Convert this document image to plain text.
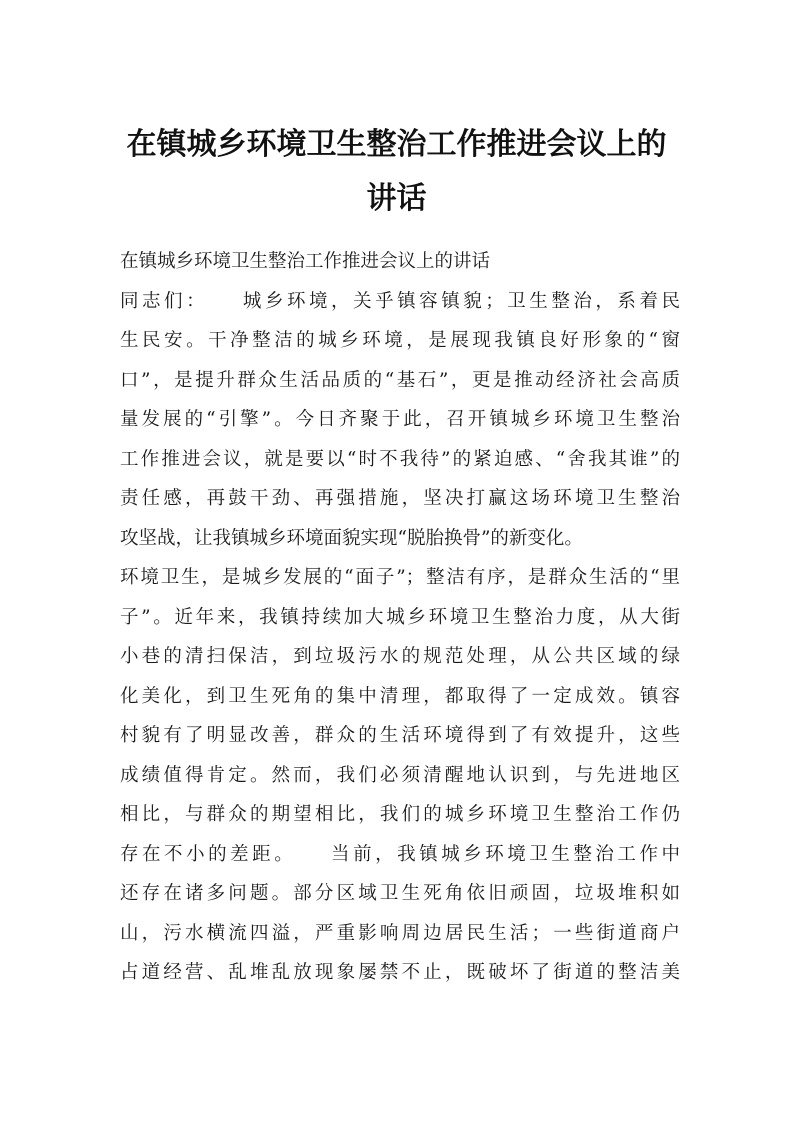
在镇城乡环境卫生整治工作推进会议上的
讲话
在镇城乡环境卫生整治工作推进会议上的讲话
同志们：　　城乡环境，关乎镇容镇貌；卫生整治，系着民
生民安。干净整洁的城乡环境，是展现我镇良好形象的“窗
口”，是提升群众生活品质的“基石”，更是推动经济社会高质
量发展的“引擎”。今日齐聚于此，召开镇城乡环境卫生整治
工作推进会议，就是要以“时不我待”的紧迫感、“舍我其谁”的
责任感，再鼓干劲、再强措施，坚决打赢这场环境卫生整治
攻坚战，让我镇城乡环境面貌实现“脱胎换骨”的新变化。
环境卫生，是城乡发展的“面子”；整洁有序，是群众生活的“里
子”。近年来，我镇持续加大城乡环境卫生整治力度，从大街
小巷的清扫保洁，到垃圾污水的规范处理，从公共区域的绿
化美化，到卫生死角的集中清理，都取得了一定成效。镇容
村貌有了明显改善，群众的生活环境得到了有效提升，这些
成绩值得肯定。然而，我们必须清醒地认识到，与先进地区
相比，与群众的期望相比，我们的城乡环境卫生整治工作仍
存在不小的差距。　　当前，我镇城乡环境卫生整治工作中
还存在诸多问题。部分区域卫生死角依旧顽固，垃圾堆积如
山，污水横流四溢，严重影响周边居民生活；一些街道商户
占道经营、乱堆乱放现象屡禁不止，既破坏了街道的整洁美
